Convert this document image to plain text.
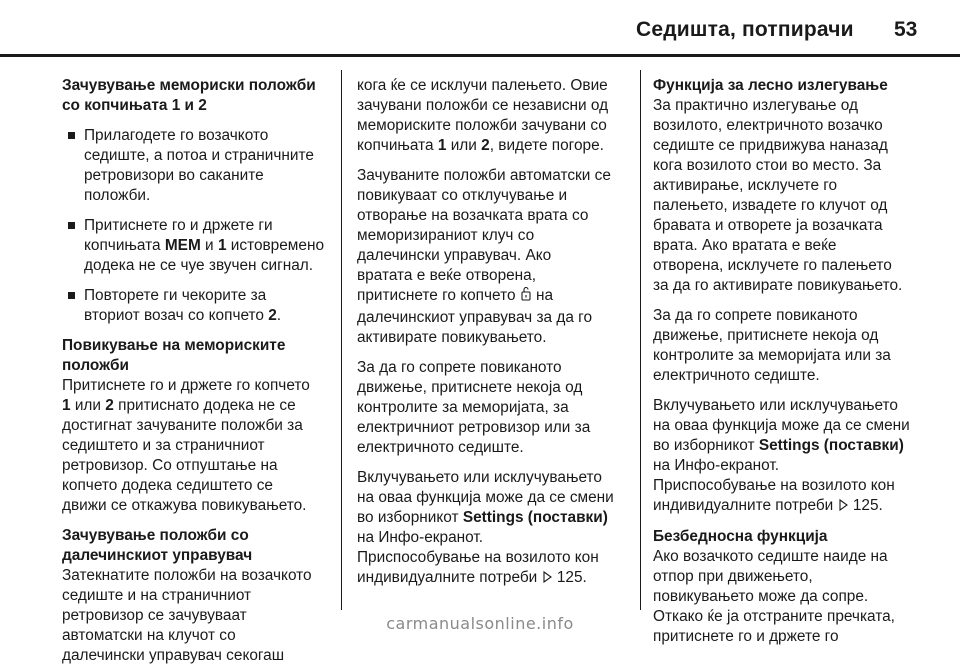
Седишта, потпирачи 53
Зачувување мемориски положби
со копчињата 1 и 2
Прилагодете го возачкото
седиште, а потоа и страничните
ретровизори во саканите
положби.
Притиснете го и држете ги
копчињата MEM и 1 истовремено
додека не се чуе звучен сигнал.
Повторете ги чекорите за
вториот возач со копчето 2.
Повикување на мемориските
положби
Притиснете го и држете го копчето
1 или 2 притиснато додека не се
достигнат зачуваните положби за
седиштето и за страничниот
ретровизор. Со отпуштање на
копчето додека седиштето се
движи се откажува повикувањето.
Зачувување положби со
далечинскиот управувач
Затекнатите положби на возачкото
седиште и на страничниот
ретровизор се зачувуваат
автоматски на клучот со
далечински управувач секогаш
кога ќе се исклучи палењето. Овие
зачувани положби се независни од
мемориските положби зачувани со
копчињата 1 или 2, видете погоре.
Зачуваните положби автоматски се
повикуваат со отклучување и
отворање на возачката врата со
меморизираниот клуч со
далечински управувач. Ако
вратата е веќе отворена,
притиснете го копчето  на
далечинскиот управувач за да го
активирате повикувањето.
За да го сопрете повиканото
движење, притиснете некоја од
контролите за меморијата, за
електричниот ретровизор или за
електричното седиште.
Вклучувањето или исклучувањето
на оваа функција може да се смени
во изборникот Settings (поставки)
на Инфо-екранот.
Приспособување на возилото кон
индивидуалните потреби  125.
Функција за лесно излегување
За практично излегување од
возилото, електричното возачко
седиште се придвижува наназад
кога возилото стои во место. За
активирање, исклучете го
палењето, извадете го клучот од
бравата и отворете ја возачката
врата. Ако вратата е веќе
отворена, исклучете го палењето
за да го активирате повикувањето.
За да го сопрете повиканото
движење, притиснете некоја од
контролите за меморијата или за
електричното седиште.
Вклучувањето или исклучувањето
на оваа функција може да се смени
во изборникот Settings (поставки)
на Инфо-екранот.
Приспособување на возилото кон
индивидуалните потреби  125.
Безбедносна функција
Ако возачкото седиште наиде на
отпор при движењето,
повикувањето може да сопре.
Откако ќе ја отстраните пречката,
притиснете го и држете го
carmanualsonline.info
